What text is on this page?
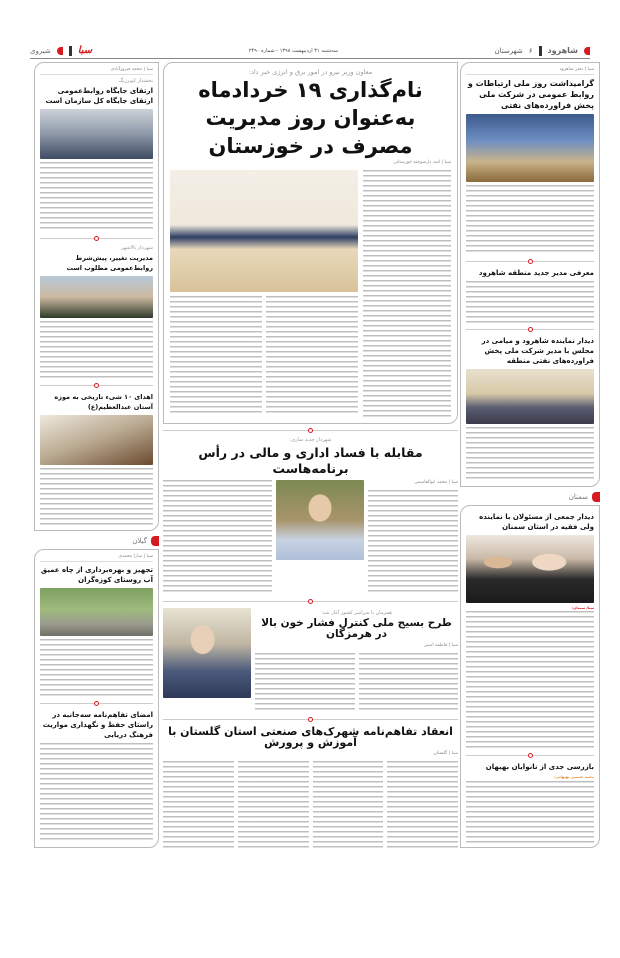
شاهرود
۶
شهرستان
سه‌شنبه ۳۱ اردیبهشت ۱۳۹۸ - شماره ۲۴۹۰
سبا
شیروی
سبا | دفتر شاهرود
گرامیداشت روز ملی ارتباطات و روابط عمومی در شرکت ملی پخش فراورده‌های نفتی
معرفی مدیر جدید منطقه شاهرود
دیدار نماینده شاهرود و میامی در مجلس با مدیر شرکت ملی پخش فراورده‌های نفتی منطقه
سمنان
دیدار جمعی از مسئولان با نماینده ولی فقیه در استان سمنان
سبا/ سمنان:
بازرسی جدی از نانوایان بهبهان
محمد حسینی بهبهانی:
معاون وزیر نیرو در امور برق و انرژی خبر داد:
نام‌گذاری ۱۹ خردادماه
به‌عنوان روز مدیریت مصرف در خوزستان
سبا | امید دل‌سوخته خوزستانی
شهردار جدید ساری:
مقابله با فساد اداری و مالی در رأس برنامه‌هاست
سبا | محمد ابوالقاسمی
همزمان با سراسر کشور آغاز شد:
طرح بسیج ملی کنترل فشار خون بالا در هرمزگان
سبا | فاطمه امینی
انعقاد تفاهم‌نامه شهرک‌های صنعتی استان گلستان با آموزش و پرورش
سبا | گلستان
سبا | محمد فیروزآبادی
بخشدار کوبرزنگ
ارتقای جایگاه روابط‌عمومی ارتقای جایگاه کل سازمان است
شهردار بالاشهر
مدیریت تغییر، پیش‌شرط روابط‌عمومی مطلوب است
اهدای ۱۰ شیء تاریخی به موزه آستان عبدالعظیم(ع)
گیلان
سبا | سارا محمدی
تجهیز و بهره‌برداری از چاه عمیق آب روستای کوزه‌گران
امضای تفاهم‌نامه سه‌جانبه در راستای حفظ و نگهداری مواریث فرهنگ دریایی
